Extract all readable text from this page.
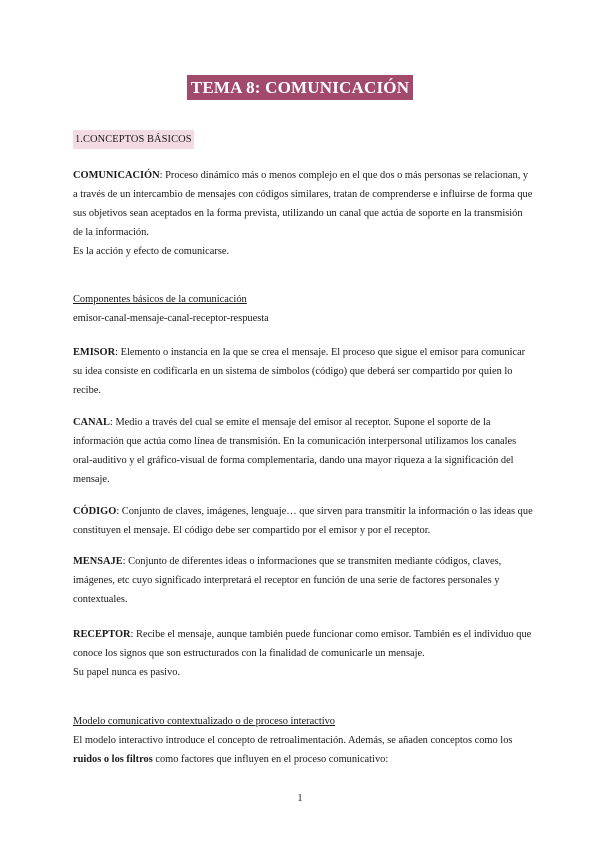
TEMA 8: COMUNICACIÓN
1.CONCEPTOS BÁSICOS
COMUNICACIÓN: Proceso dinámico más o menos complejo en el que dos o más personas se relacionan, y a través de un intercambio de mensajes con códigos similares, tratan de comprenderse e influirse de forma que sus objetivos sean aceptados en la forma prevista, utilizando un canal que actúa de soporte en la transmisión de la información.
Es la acción y efecto de comunicarse.
Componentes básicos de la comunicación
emisor-canal-mensaje-canal-receptor-respuesta
EMISOR: Elemento o instancia en la que se crea el mensaje. El proceso que sigue el emisor para comunicar su idea consiste en codificarla en un sistema de símbolos (código) que deberá ser compartido por quien lo recibe.
CANAL: Medio a través del cual se emite el mensaje del emisor al receptor. Supone el soporte de la información que actúa como línea de transmisión. En la comunicación interpersonal utilizamos los canales oral-auditivo y el gráfico-visual de forma complementaria, dando una mayor riqueza a la significación del mensaje.
CÓDIGO: Conjunto de claves, imágenes, lenguaje… que sirven para transmitir la información o las ideas que constituyen el mensaje. El código debe ser compartido por el emisor y por el receptor.
MENSAJE: Conjunto de diferentes ideas o informaciones que se transmiten mediante códigos, claves, imágenes, etc cuyo significado interpretará el receptor en función de una serie de factores personales y contextuales.
RECEPTOR: Recibe el mensaje, aunque también puede funcionar como emisor. También es el individuo que conoce los signos que son estructurados con la finalidad de comunicarle un mensaje.
Su papel nunca es pasivo.
Modelo comunicativo contextualizado o de proceso interactivo
El modelo interactivo introduce el concepto de retroalimentación. Además, se añaden conceptos como los ruidos o los filtros como factores que influyen en el proceso comunicativo:
1
